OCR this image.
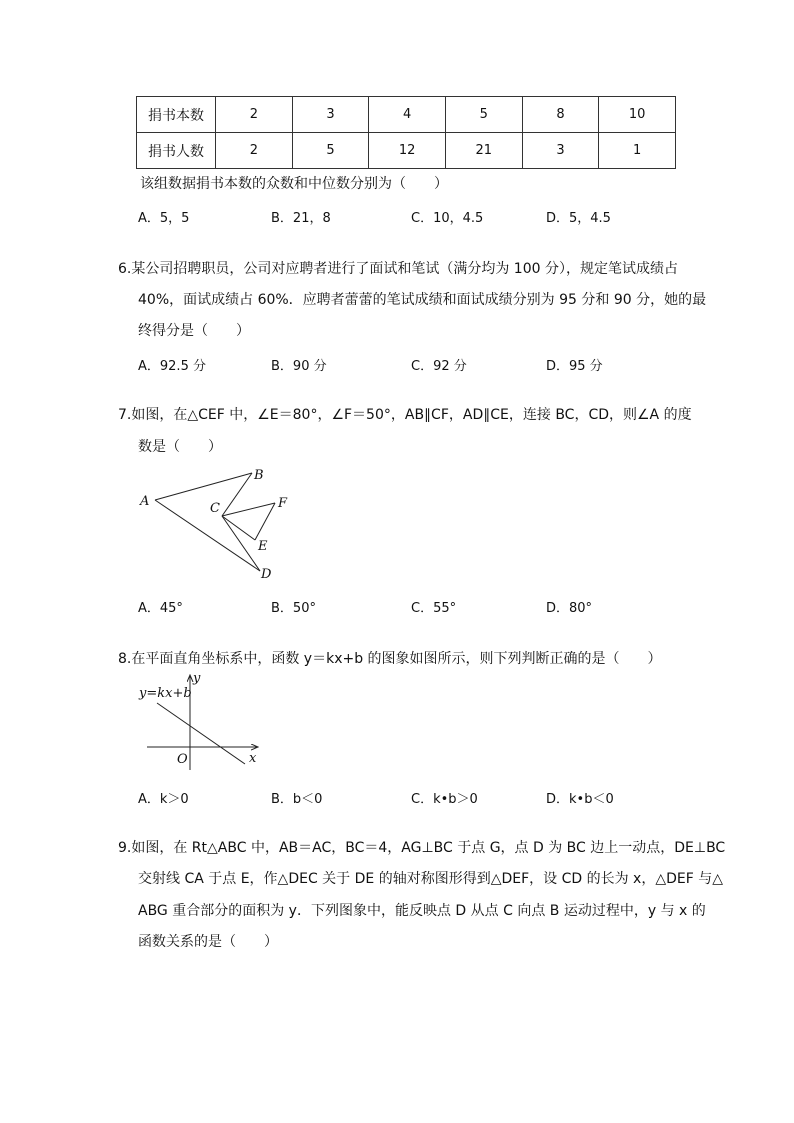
捐书本数	2	3	4	5	8	10
捐书人数	2	5	12	21	3	1
该组数据捐书本数的众数和中位数分别为（　　）
A．5，5	B．21，8	C．10，4.5	D．5，4.5
6.某公司招聘职员，公司对应聘者进行了面试和笔试（满分均为 100 分），规定笔试成绩占
40%，面试成绩占 60%．应聘者蕾蕾的笔试成绩和面试成绩分别为 95 分和 90 分，她的最
终得分是（　　）
A．92.5 分	B．90 分	C．92 分	D．95 分
7.如图，在△CEF 中，∠E＝80°，∠F＝50°，AB∥CF，AD∥CE，连接 BC，CD，则∠A 的度
数是（　　）
A
B
C	F
E
D
A．45°	B．50°	C．55°	D．80°
8.在平面直角坐标系中，函数 y＝kx+b 的图象如图所示，则下列判断正确的是（　　）
y=kx+b
y
x
O
A．k＞0	B．b＜0	C．k•b＞0	D．k•b＜0
9.如图，在 Rt△ABC 中，AB＝AC，BC＝4，AG⊥BC 于点 G，点 D 为 BC 边上一动点，DE⊥BC
交射线 CA 于点 E，作△DEC 关于 DE 的轴对称图形得到△DEF，设 CD 的长为 x，△DEF 与△
ABG 重合部分的面积为 y．下列图象中，能反映点 D 从点 C 向点 B 运动过程中，y 与 x 的
函数关系的是（　　）
